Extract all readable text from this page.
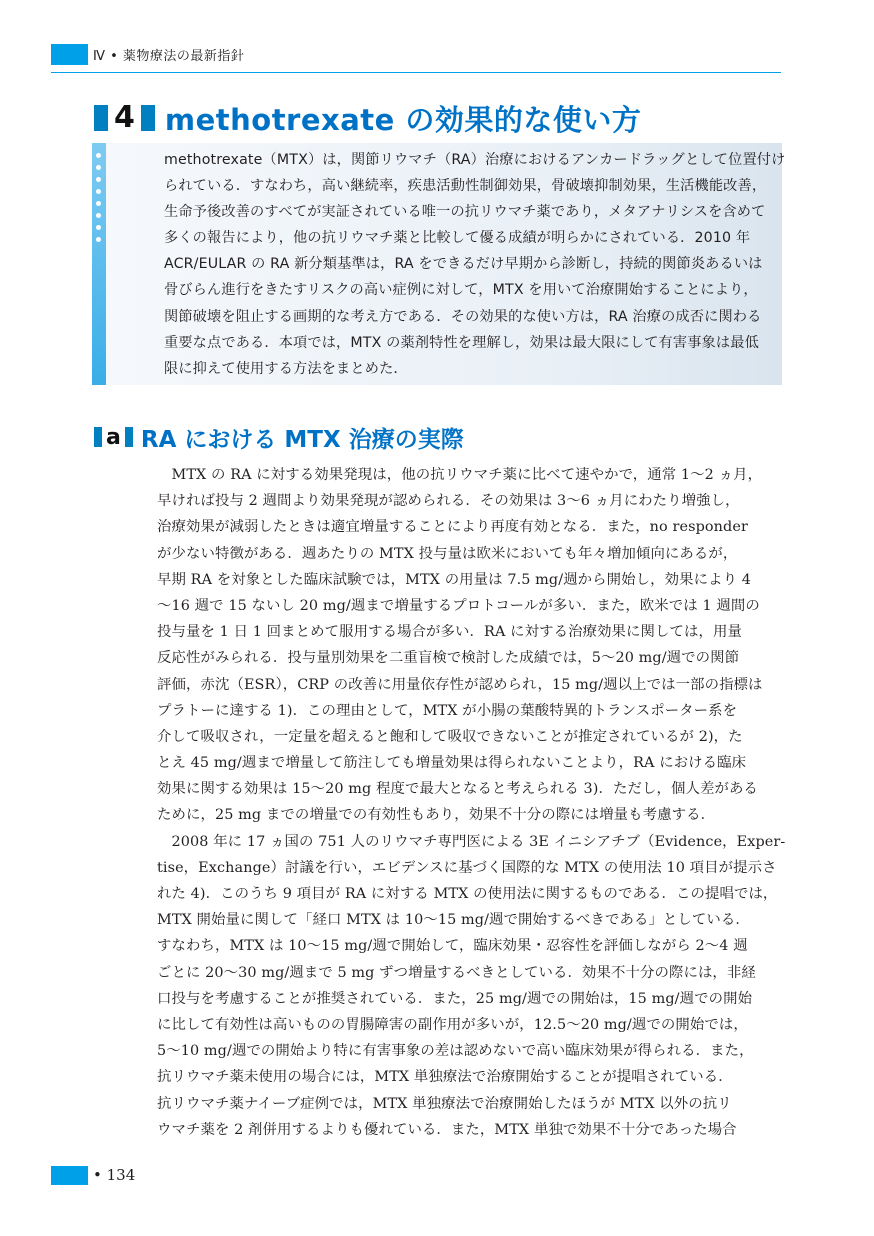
Ⅳ • 薬物療法の最新指針
4 methotrexate の効果的な使い方
methotrexate（MTX）は，関節リウマチ（RA）治療におけるアンカードラッグとして位置付け
られている．すなわち，高い継続率，疾患活動性制御効果，骨破壊抑制効果，生活機能改善，
生命予後改善のすべてが実証されている唯一の抗リウマチ薬であり，メタアナリシスを含めて
多くの報告により，他の抗リウマチ薬と比較して優る成績が明らかにされている．2010 年
ACR/EULAR の RA 新分類基準は，RA をできるだけ早期から診断し，持続的関節炎あるいは
骨びらん進行をきたすリスクの高い症例に対して，MTX を用いて治療開始することにより，
関節破壊を阻止する画期的な考え方である．その効果的な使い方は，RA 治療の成否に関わる
重要な点である．本項では，MTX の薬剤特性を理解し，効果は最大限にして有害事象は最低
限に抑えて使用する方法をまとめた．
a RA における MTX 治療の実際
　MTX の RA に対する効果発現は，他の抗リウマチ薬に比べて速やかで，通常 1〜2 ヵ月，
早ければ投与 2 週間より効果発現が認められる．その効果は 3〜6 ヵ月にわたり増強し，
治療効果が減弱したときは適宜増量することにより再度有効となる．また，no responder
が少ない特徴がある．週あたりの MTX 投与量は欧米においても年々増加傾向にあるが，
早期 RA を対象とした臨床試験では，MTX の用量は 7.5 mg/週から開始し，効果により 4
〜16 週で 15 ないし 20 mg/週まで増量するプロトコールが多い．また，欧米では 1 週間の
投与量を 1 日 1 回まとめて服用する場合が多い．RA に対する治療効果に関しては，用量
反応性がみられる．投与量別効果を二重盲検で検討した成績では，5〜20 mg/週での関節
評価，赤沈（ESR），CRP の改善に用量依存性が認められ，15 mg/週以上では一部の指標は
プラトーに達する 1)．この理由として，MTX が小腸の葉酸特異的トランスポーター系を
介して吸収され，一定量を超えると飽和して吸収できないことが推定されているが 2)，た
とえ 45 mg/週まで増量して筋注しても増量効果は得られないことより，RA における臨床
効果に関する効果は 15〜20 mg 程度で最大となると考えられる 3)．ただし，個人差がある
ために，25 mg までの増量での有効性もあり，効果不十分の際には増量も考慮する．
　2008 年に 17 ヵ国の 751 人のリウマチ専門医による 3E イニシアチブ（Evidence，Exper-
tise，Exchange）討議を行い，エビデンスに基づく国際的な MTX の使用法 10 項目が提示さ
れた 4)．このうち 9 項目が RA に対する MTX の使用法に関するものである．この提唱では，
MTX 開始量に関して「経口 MTX は 10〜15 mg/週で開始するべきである」としている．
すなわち，MTX は 10〜15 mg/週で開始して，臨床効果・忍容性を評価しながら 2〜4 週
ごとに 20〜30 mg/週まで 5 mg ずつ増量するべきとしている．効果不十分の際には，非経
口投与を考慮することが推奨されている．また，25 mg/週での開始は，15 mg/週での開始
に比して有効性は高いものの胃腸障害の副作用が多いが，12.5〜20 mg/週での開始では，
5〜10 mg/週での開始より特に有害事象の差は認めないで高い臨床効果が得られる．また，
抗リウマチ薬未使用の場合には，MTX 単独療法で治療開始することが提唱されている．
抗リウマチ薬ナイーブ症例では，MTX 単独療法で治療開始したほうが MTX 以外の抗リ
ウマチ薬を 2 剤併用するよりも優れている．また，MTX 単独で効果不十分であった場合
• 134
